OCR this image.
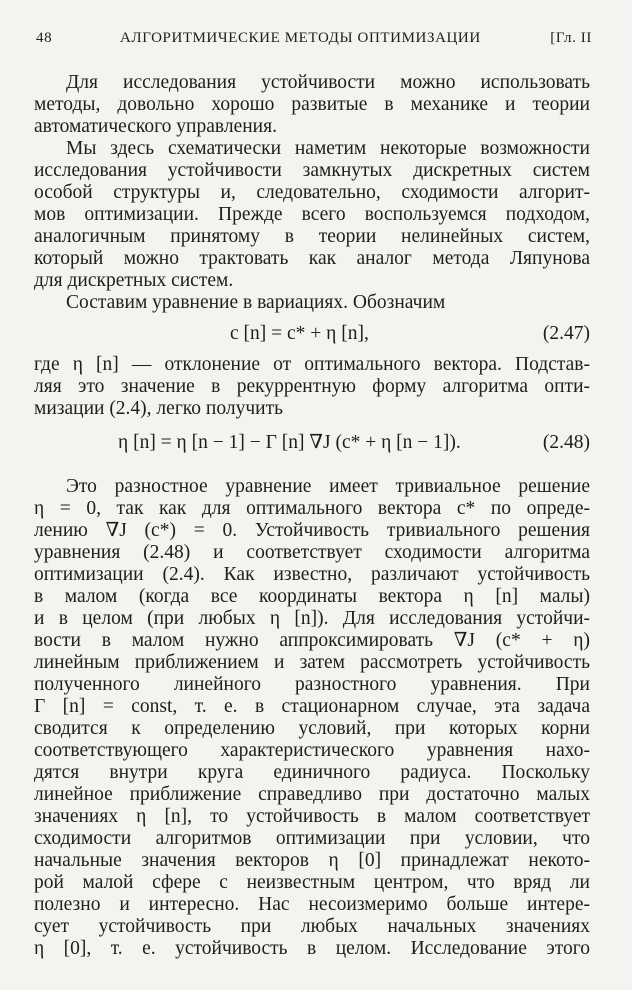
48	АЛГОРИТМИЧЕСКИЕ МЕТОДЫ ОПТИМИЗАЦИИ	[Гл. II
Для исследования устойчивости можно использовать
методы, довольно хорошо развитые в механике и теории
автоматического управления.
Мы здесь схематически наметим некоторые возможности
исследования устойчивости замкнутых дискретных систем
особой структуры и, следовательно, сходимости алгорит-
мов оптимизации. Прежде всего воспользуемся подходом,
аналогичным принятому в теории нелинейных систем,
который можно трактовать как аналог метода Ляпунова
для дискретных систем.
Составим уравнение в вариациях. Обозначим
c [n] = c* + η [n],	(2.47)
где η [n] — отклонение от оптимального вектора. Подстав-
ляя это значение в рекуррентную форму алгоритма опти-
мизации (2.4), легко получить
η [n] = η [n − 1] − Γ [n] ∇J (c* + η [n − 1]).	(2.48)
Это разностное уравнение имеет тривиальное решение
η = 0, так как для оптимального вектора c* по опреде-
лению ∇J (c*) = 0. Устойчивость тривиального решения
уравнения (2.48) и соответствует сходимости алгоритма
оптимизации (2.4). Как известно, различают устойчивость
в малом (когда все координаты вектора η [n] малы)
и в целом (при любых η [n]). Для исследования устойчи-
вости в малом нужно аппроксимировать ∇J (c* + η)
линейным приближением и затем рассмотреть устойчивость
полученного линейного разностного уравнения. При
Γ [n] = const, т. е. в стационарном случае, эта задача
сводится к определению условий, при которых корни
соответствующего характеристического уравнения нахо-
дятся внутри круга единичного радиуса. Поскольку
линейное приближение справедливо при достаточно малых
значениях η [n], то устойчивость в малом соответствует
сходимости алгоритмов оптимизации при условии, что
начальные значения векторов η [0] принадлежат некото-
рой малой сфере с неизвестным центром, что вряд ли
полезно и интересно. Нас несоизмеримо больше интере-
сует устойчивость при любых начальных значениях
η [0], т. е. устойчивость в целом. Исследование этого
